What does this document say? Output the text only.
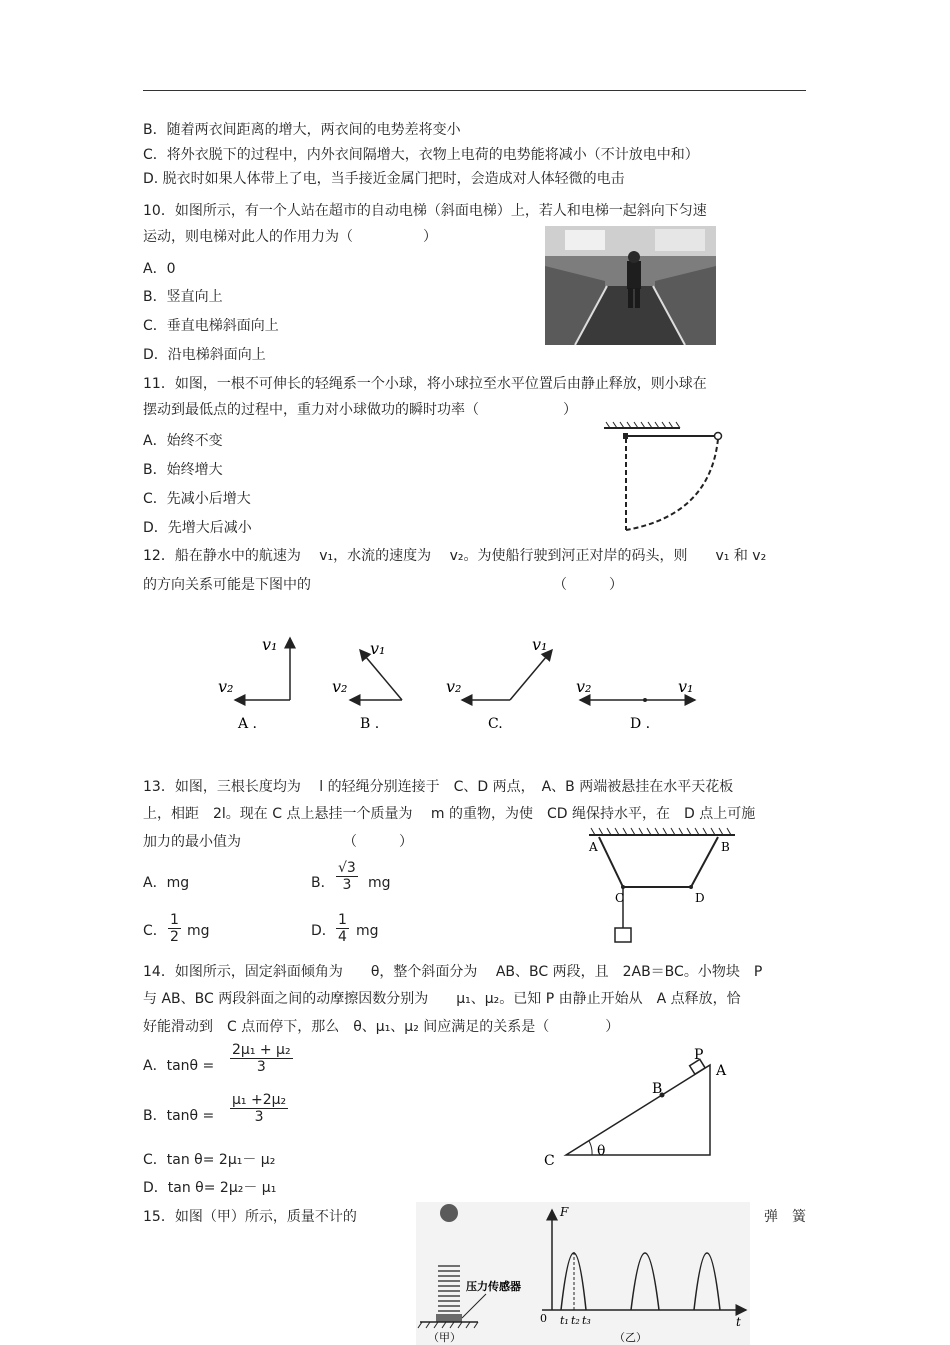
B．随着两衣间距离的增大，两衣间的电势差将变小
C．将外衣脱下的过程中，内外衣间隔增大，衣物上电荷的电势能将减小（不计放电中和）
D. 脱衣时如果人体带上了电，当手接近金属门把时，会造成对人体轻微的电击
10．如图所示，有一个人站在超市的自动电梯（斜面电梯）上，若人和电梯一起斜向下匀速
运动，则电梯对此人的作用力为（　　　　　）
A．0
B．竖直向上
C．垂直电梯斜面向上
D．沿电梯斜面向上
11．如图，一根不可伸长的轻绳系一个小球，将小球拉至水平位置后由静止释放，则小球在
摆动到最低点的过程中，重力对小球做功的瞬时功率（　　　　　　）
A．始终不变
B．始终增大
C．先减小后增大
D．先增大后减小
12．船在静水中的航速为　 v₁，水流的速度为　 v₂。为使船行驶到河正对岸的码头，则　　v₁ 和 v₂
的方向关系可能是下图中的	（　　　）
v₁
v₂
A .
v₁
v₂
B .
v₁
v₂
C.
v₂	v₁
D .
13．如图，三根长度均为　 l 的轻绳分别连接于　C、D 两点，　A、B 两端被悬挂在水平天花板
上，相距　2l。现在 C 点上悬挂一个质量为　 m 的重物，为使　CD 绳保持水平，在　D 点上可施
加力的最小值为	（　　　）
A．mg	B． $\frac{√3}{3}$ mg
C． $\frac{1}{2}$ mg	D． $\frac{1}{4}$ mg
A	B
C	D
14．如图所示，固定斜面倾角为　　θ，整个斜面分为　 AB、BC 两段，且　2AB＝BC。小物块　P
与 AB、BC 两段斜面之间的动摩擦因数分别为　　μ₁、μ₂。已知 P 由静止开始从　A 点释放，恰
好能滑动到　C 点而停下，那么　θ、μ₁、μ₂ 间应满足的关系是（　　　　）
A．$\tan\theta = \frac{\text{2μ₁ + μ₂}}{3}$
B．$\tan\theta = \frac{\text{μ₁ +2μ₂}}{3}$
C．tan θ= 2μ₁－ μ₂
D．tan θ= 2μ₂－ μ₁
C
θ
B
P
A
15．如图（甲）所示，质量不计的	弹　簧
压力传感器
（甲）
F
t
0 t₁ t₂ t₃
（乙）
